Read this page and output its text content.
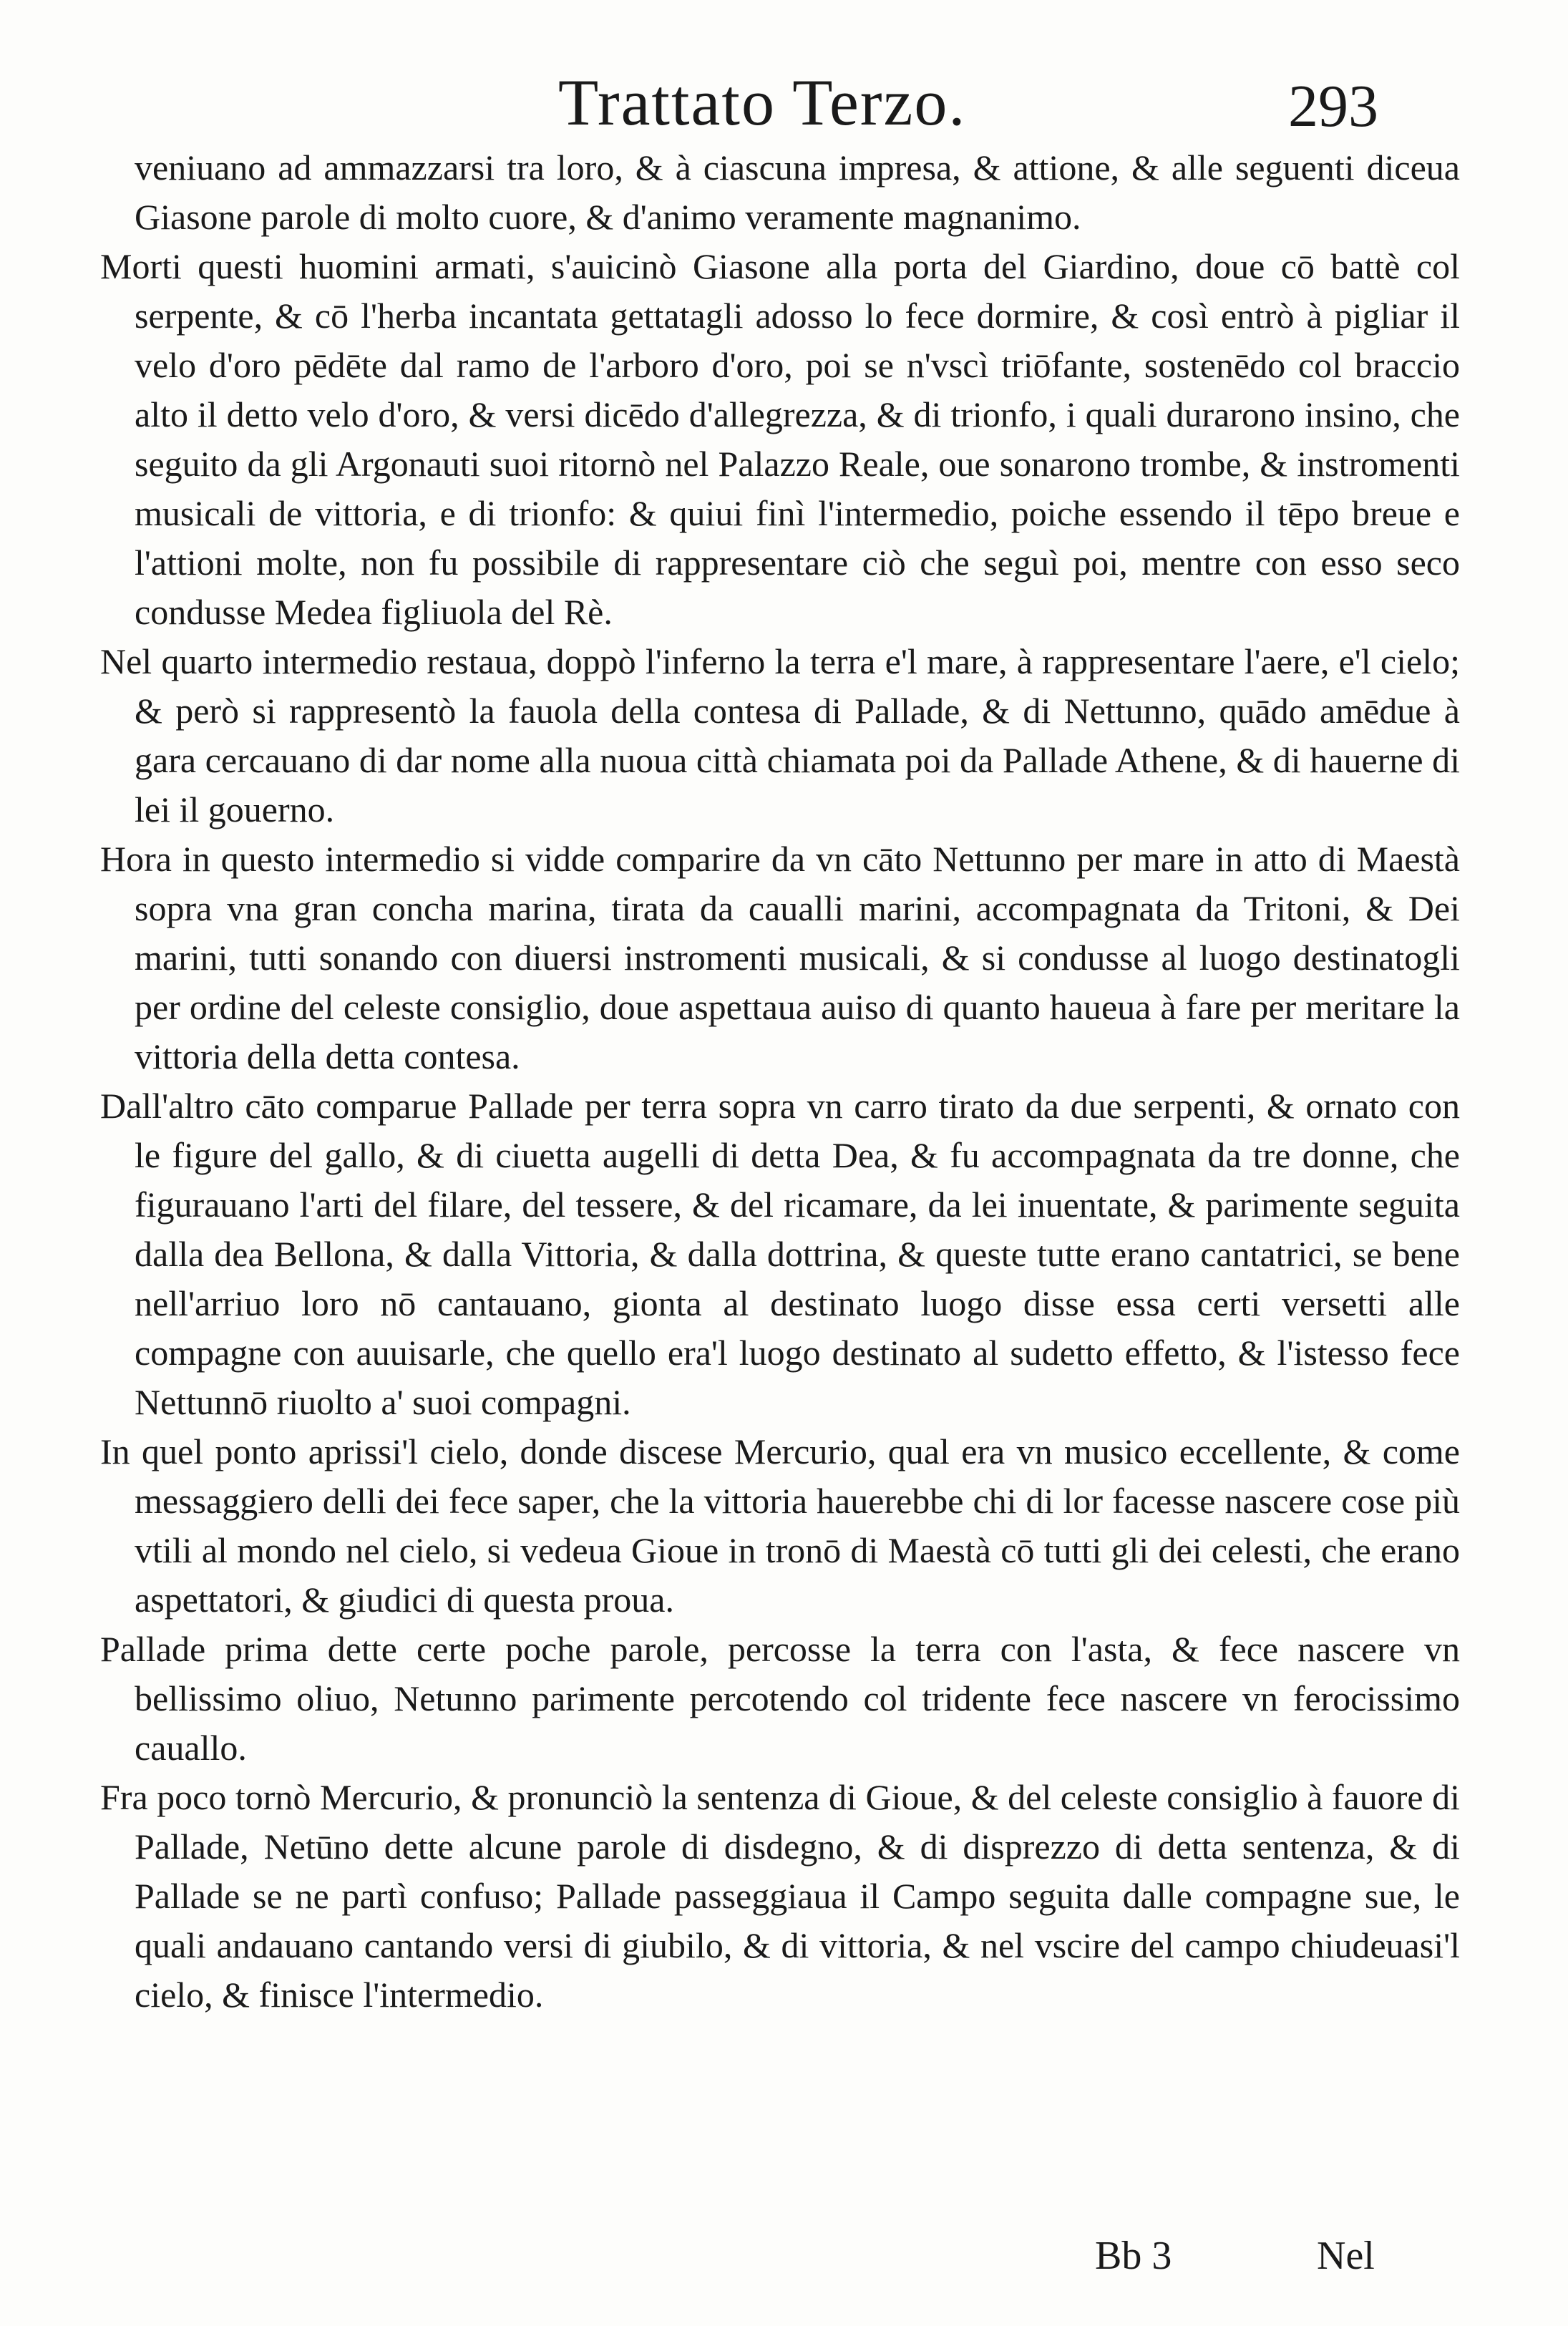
Trattato Terzo.	293

veniuano ad ammazzarsi tra loro, & à ciascuna impresa, & attione, & alle seguenti diceua Giasone parole di molto cuore, & d'animo veramente magnanimo.

Morti questi huomini armati, s'auicinò Giasone alla porta del Giardino, doue cō battè col serpente, & cō l'herba incantata gettatagli adosso lo fece dormire, & così entrò à pigliar il velo d'oro pēdēte dal ramo de l'arboro d'oro, poi se n'vscì triōfante, sostenēdo col braccio alto il detto velo d'oro, & versi dicēdo d'allegrezza, & di trionfo, i quali durarono insino, che seguito da gli Argonauti suoi ritornò nel Palazzo Reale, oue sonarono trombe, & instromenti musicali de vittoria, e di trionfo: & quiui finì l'intermedio, poiche essendo il tēpo breue e l'attioni molte, non fu possibile di rappresentare ciò che seguì poi, mentre con esso seco condusse Medea figliuola del Rè.

Nel quarto intermedio restaua, doppò l'inferno la terra e'l mare, à rappresentare l'aere, e'l cielo; & però si rappresentò la fauola della contesa di Pallade, & di Nettunno, quādo amēdue à gara cercauano di dar nome alla nuoua città chiamata poi da Pallade Athene, & di hauerne di lei il gouerno.

Hora in questo intermedio si vidde comparire da vn cāto Nettunno per mare in atto di Maestà sopra vna gran concha marina, tirata da caualli marini, accompagnata da Tritoni, & Dei marini, tutti sonando con diuersi instromenti musicali, & si condusse al luogo destinatogli per ordine del celeste consiglio, doue aspettaua auiso di quanto haueua à fare per meritare la vittoria della detta contesa.

Dall'altro cāto comparue Pallade per terra sopra vn carro tirato da due serpenti, & ornato con le figure del gallo, & di ciuetta augelli di detta Dea, & fu accompagnata da tre donne, che figurauano l'arti del filare, del tessere, & del ricamare, da lei inuentate, & parimente seguita dalla dea Bellona, & dalla Vittoria, & dalla dottrina, & queste tutte erano cantatrici, se bene nell'arriuo loro nō cantauano, gionta al destinato luogo disse essa certi versetti alle compagne con auuisarle, che quello era'l luogo destinato al sudetto effetto, & l'istesso fece Nettunnō riuolto a' suoi compagni.

In quel ponto aprissi'l cielo, donde discese Mercurio, qual era vn musico eccellente, & come messaggiero delli dei fece saper, che la vittoria hauerebbe chi di lor facesse nascere cose più vtili al mondo nel cielo, si vedeua Gioue in tronō di Maestà cō tutti gli dei celesti, che erano aspettatori, & giudici di questa proua.

Pallade prima dette certe poche parole, percosse la terra con l'asta, & fece nascere vn bellissimo oliuo, Netunno parimente percotendo col tridente fece nascere vn ferocissimo cauallo.

Fra poco tornò Mercurio, & pronunciò la sentenza di Gioue, & del celeste consiglio à fauore di Pallade, Netūno dette alcune parole di disdegno, & di disprezzo di detta sentenza, & di Pallade se ne partì confuso; Pallade passeggiaua il Campo seguita dalle compagne sue, le quali andauano cantando versi di giubilo, & di vittoria, & nel vscire del campo chiudeuasi'l cielo, & finisce l'intermedio.

Bb 3	Nel
